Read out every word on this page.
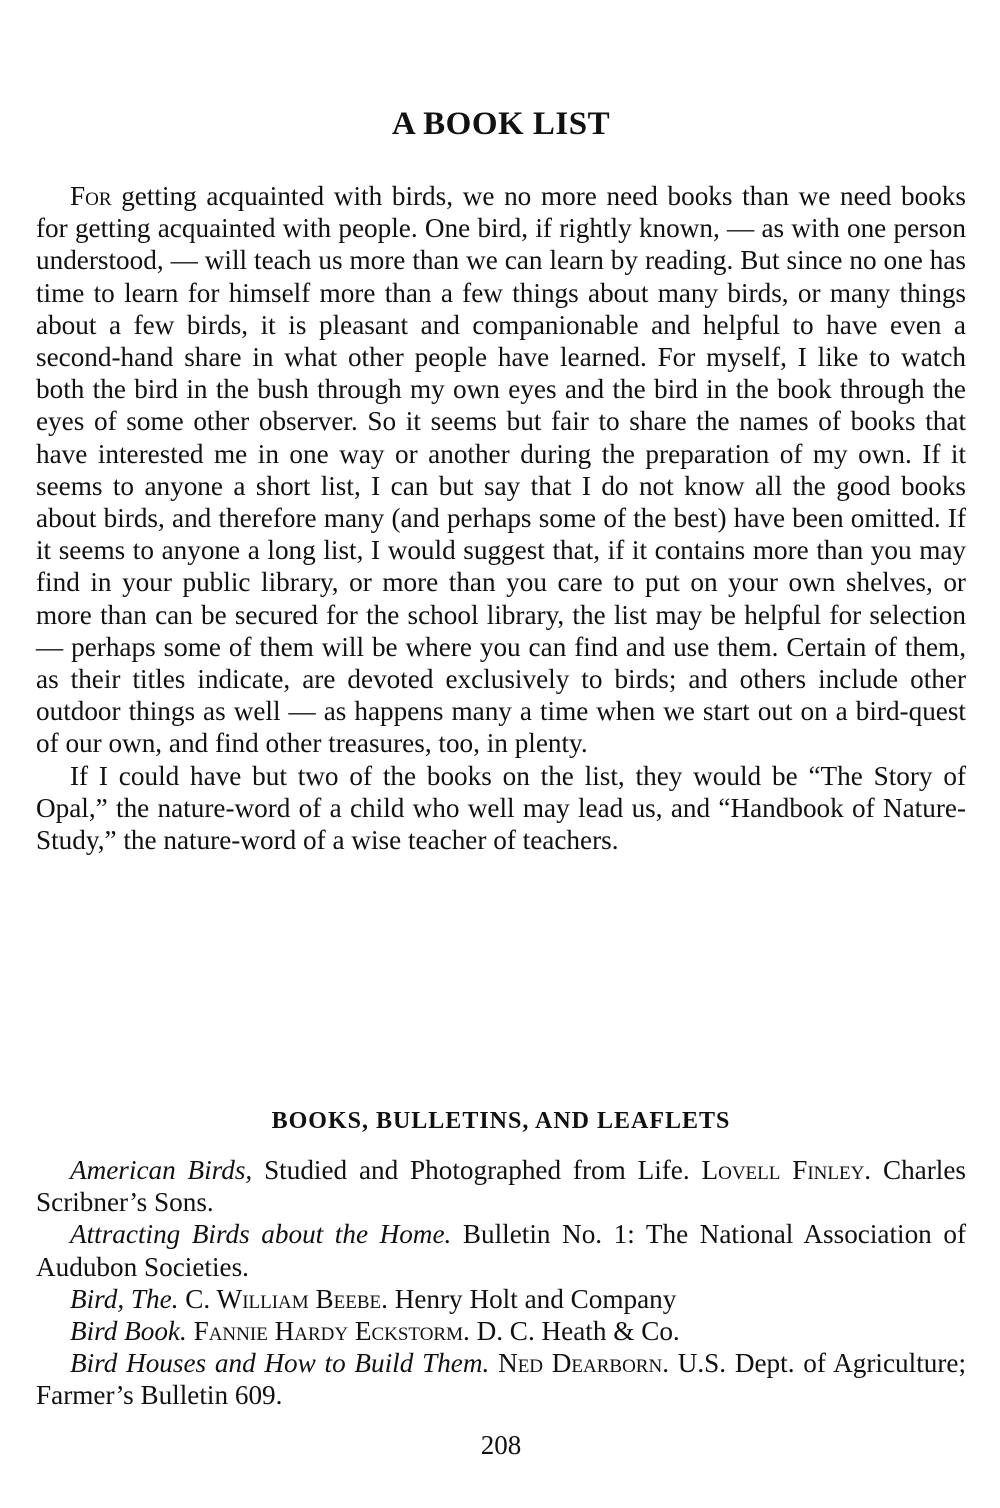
A BOOK LIST

For getting acquainted with birds, we no more need books than we need books for getting acquainted with people. One bird, if rightly known, — as with one person understood, — will teach us more than we can learn by reading. But since no one has time to learn for himself more than a few things about many birds, or many things about a few birds, it is pleasant and companionable and helpful to have even a second-hand share in what other people have learned. For myself, I like to watch both the bird in the bush through my own eyes and the bird in the book through the eyes of some other observer. So it seems but fair to share the names of books that have interested me in one way or another during the preparation of my own. If it seems to anyone a short list, I can but say that I do not know all the good books about birds, and therefore many (and perhaps some of the best) have been omitted. If it seems to anyone a long list, I would suggest that, if it contains more than you may find in your public library, or more than you care to put on your own shelves, or more than can be secured for the school library, the list may be helpful for selection — perhaps some of them will be where you can find and use them. Certain of them, as their titles indicate, are devoted exclusively to birds; and others include other outdoor things as well — as happens many a time when we start out on a bird-quest of our own, and find other treasures, too, in plenty.

If I could have but two of the books on the list, they would be “The Story of Opal,” the nature-word of a child who well may lead us, and “Handbook of Nature-Study,” the nature-word of a wise teacher of teachers.

BOOKS, BULLETINS, AND LEAFLETS

American Birds, Studied and Photographed from Life. Lovell Finley. Charles Scribner’s Sons.

Attracting Birds about the Home. Bulletin No. 1: The National Association of Audubon Societies.

Bird, The. C. William Beebe. Henry Holt and Company

Bird Book. Fannie Hardy Eckstorm. D. C. Heath & Co.

Bird Houses and How to Build Them. Ned Dearborn. U.S. Dept. of Agriculture; Farmer’s Bulletin 609.

208
